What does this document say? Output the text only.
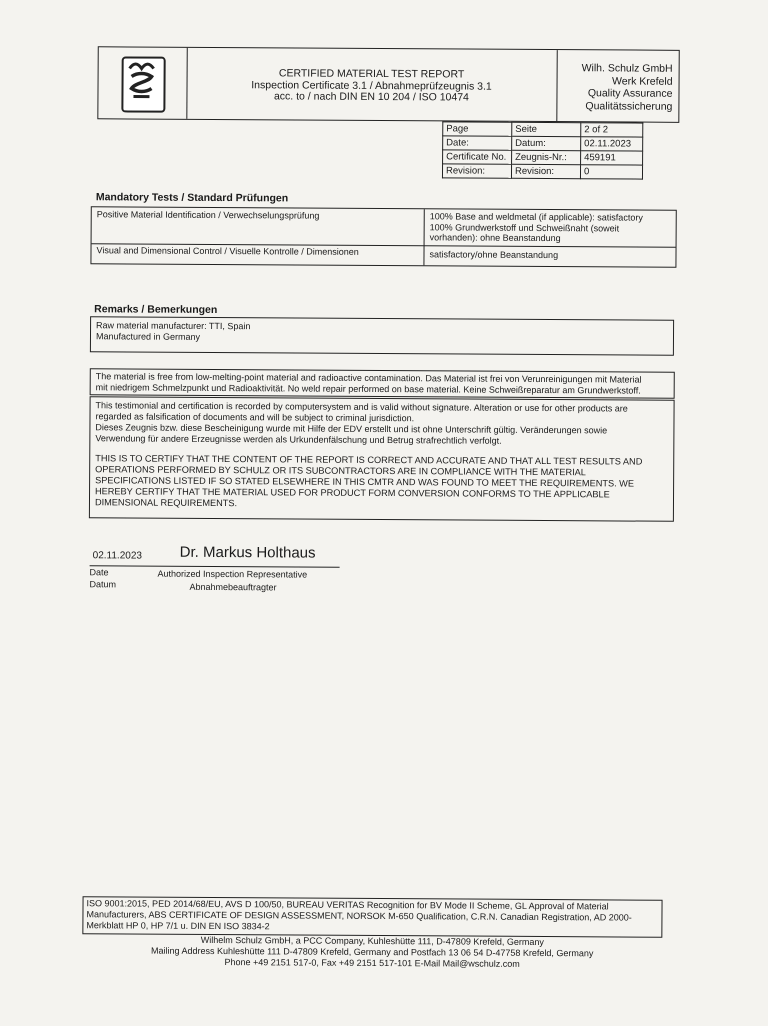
CERTIFIED MATERIAL TEST REPORT
Inspection Certificate 3.1 / Abnahmeprüfzeugnis 3.1
acc. to / nach DIN EN 10 204 / ISO 10474
Wilh. Schulz GmbH
Werk Krefeld
Quality Assurance
Qualitätssicherung
Page	Seite	2 of 2
Date:	Datum:	02.11.2023
Certificate No.	Zeugnis-Nr.:	459191
Revision:	Revision:	0
Mandatory Tests / Standard Prüfungen
Positive Material Identification / Verwechselungsprüfung	100% Base and weldmetal (if applicable): satisfactory
100% Grundwerkstoff und Schweißnaht (soweit
vorhanden): ohne Beanstandung
Visual and Dimensional Control / Visuelle Kontrolle / Dimensionen	satisfactory/ohne Beanstandung
Remarks / Bemerkungen
Raw material manufacturer: TTI, Spain
Manufactured in Germany
The material is free from low-melting-point material and radioactive contamination. Das Material ist frei von Verunreinigungen mit Material
mit niedrigem Schmelzpunkt und Radioaktivität. No weld repair performed on base material. Keine Schweißreparatur am Grundwerkstoff.
This testimonial and certification is recorded by computersystem and is valid without signature. Alteration or use for other products are
regarded as falsification of documents and will be subject to criminal jurisdiction.
Dieses Zeugnis bzw. diese Bescheinigung wurde mit Hilfe der EDV erstellt und ist ohne Unterschrift gültig. Veränderungen sowie
Verwendung für andere Erzeugnisse werden als Urkundenfälschung und Betrug strafrechtlich verfolgt.
THIS IS TO CERTIFY THAT THE CONTENT OF THE REPORT IS CORRECT AND ACCURATE AND THAT ALL TEST RESULTS AND
OPERATIONS PERFORMED BY SCHULZ OR ITS SUBCONTRACTORS ARE IN COMPLIANCE WITH THE MATERIAL
SPECIFICATIONS LISTED IF SO STATED ELSEWHERE IN THIS CMTR AND WAS FOUND TO MEET THE REQUIREMENTS. WE
HEREBY CERTIFY THAT THE MATERIAL USED FOR PRODUCT FORM CONVERSION CONFORMS TO THE APPLICABLE
DIMENSIONAL REQUIREMENTS.
02.11.2023	Dr. Markus Holthaus
Date
Datum
Authorized Inspection Representative
Abnahmebeauftragter
ISO 9001:2015, PED 2014/68/EU, AVS D 100/50, BUREAU VERITAS Recognition for BV Mode II Scheme, GL Approval of Material
Manufacturers, ABS CERTIFICATE OF DESIGN ASSESSMENT, NORSOK M-650 Qualification, C.R.N. Canadian Registration, AD 2000-
Merkblatt HP 0, HP 7/1 u. DIN EN ISO 3834-2
Wilhelm Schulz GmbH, a PCC Company, Kuhleshütte 111, D-47809 Krefeld, Germany
Mailing Address Kuhleshütte 111 D-47809 Krefeld, Germany and Postfach 13 06 54 D-47758 Krefeld, Germany
Phone +49 2151 517-0, Fax +49 2151 517-101 E-Mail Mail@wschulz.com
